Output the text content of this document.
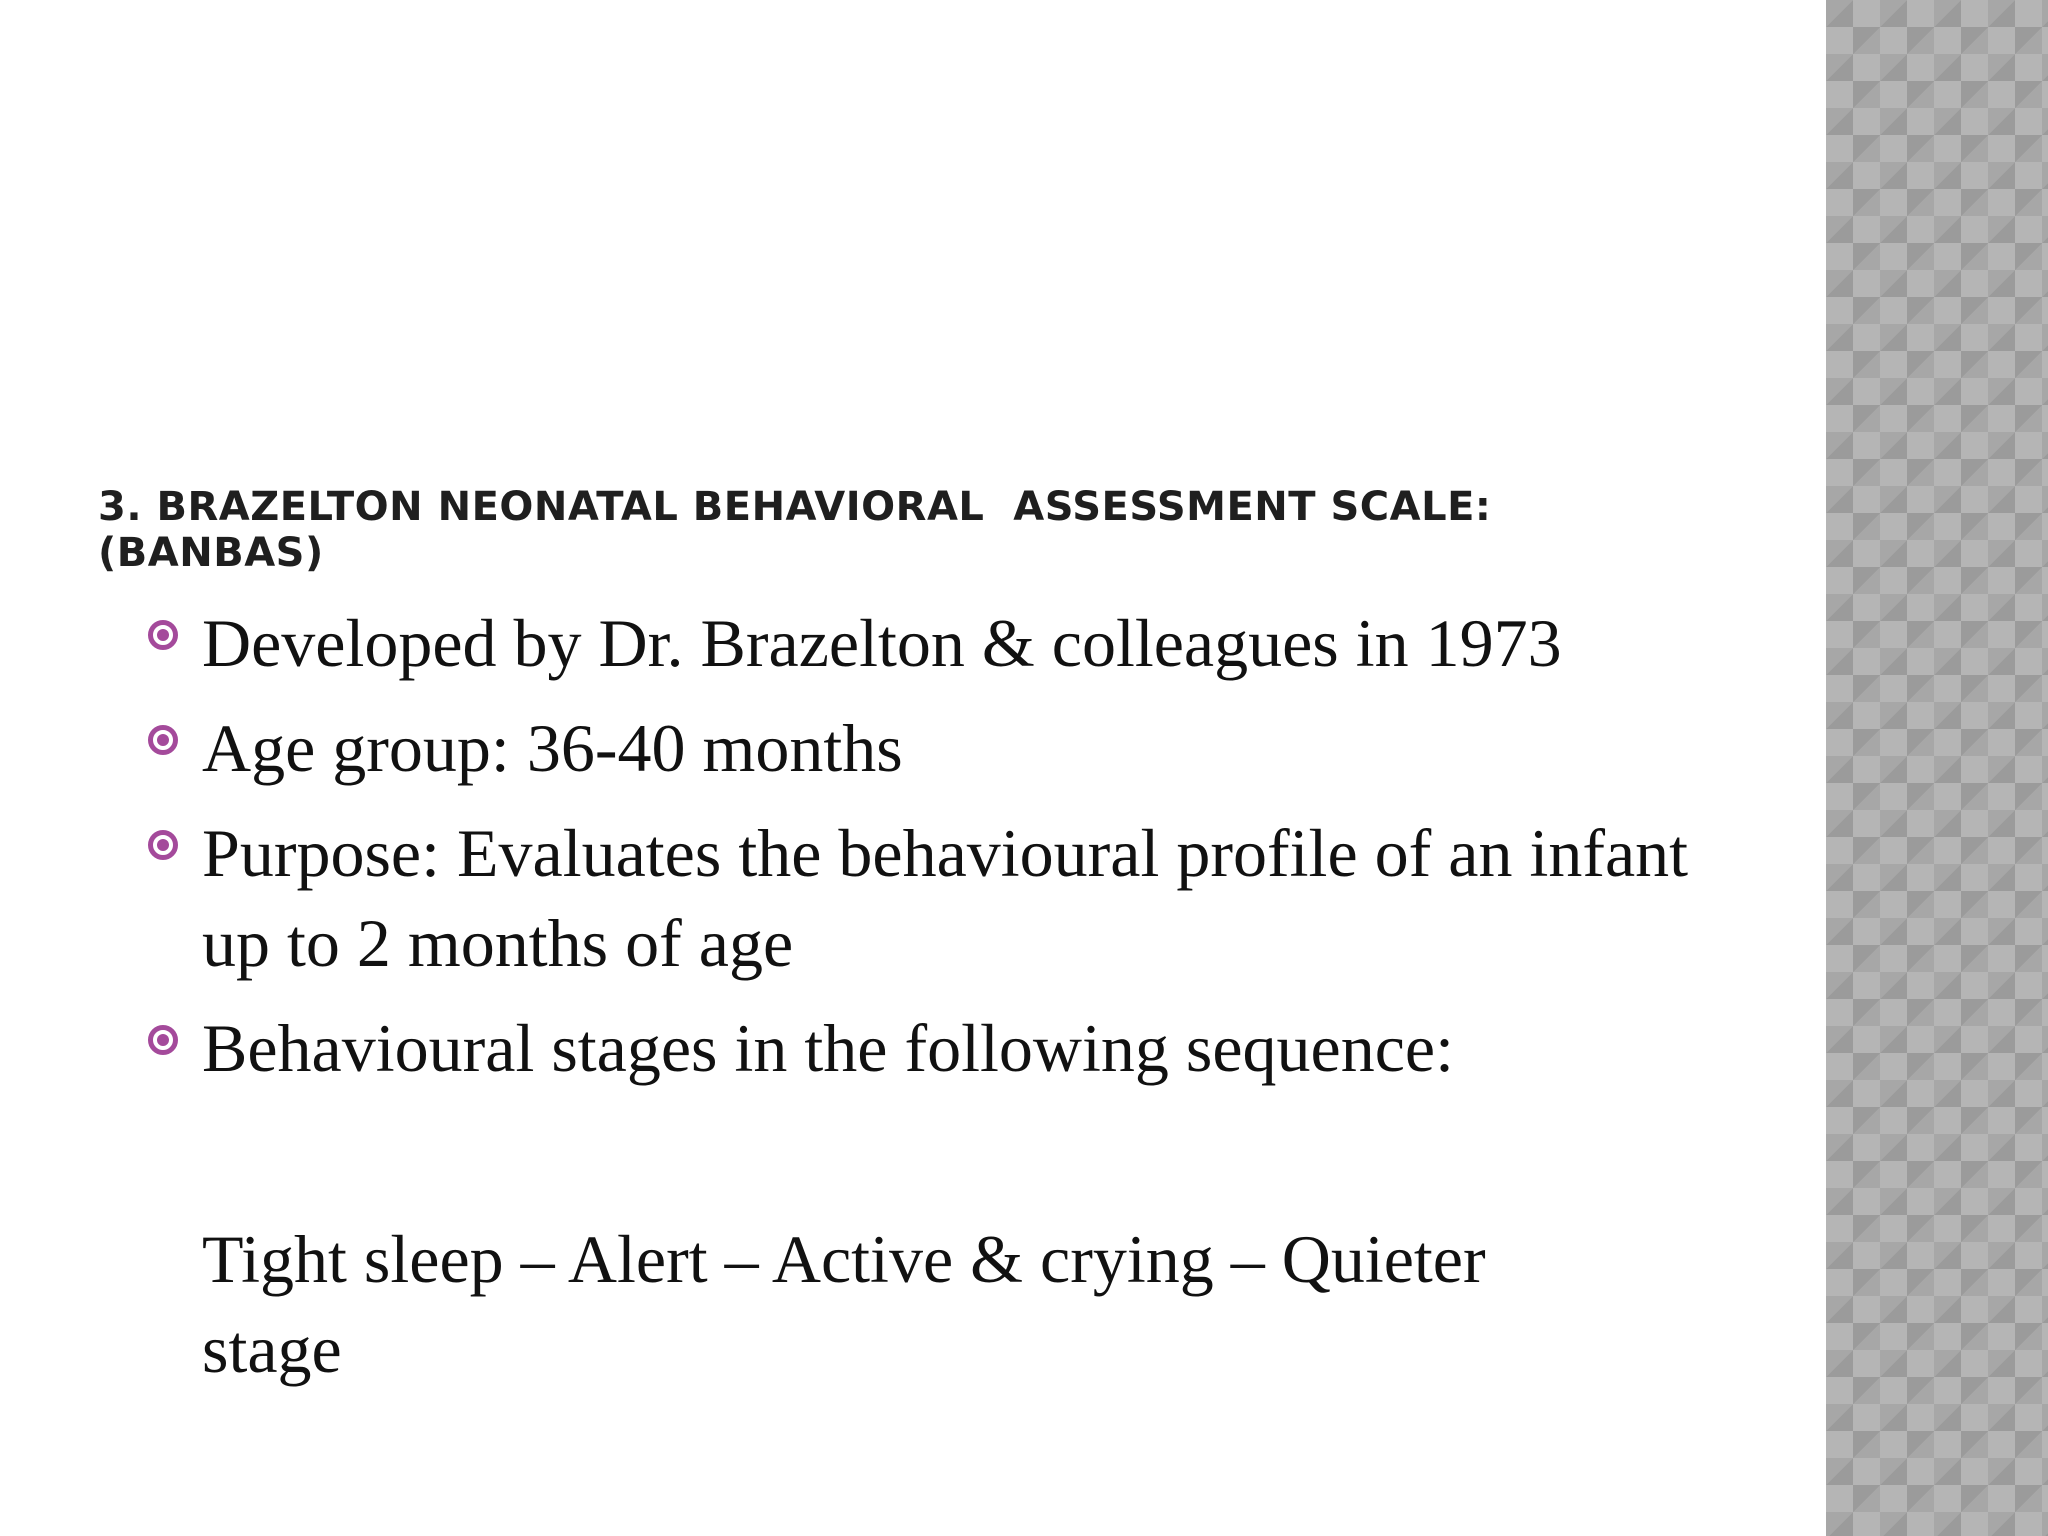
3. BRAZELTON NEONATAL BEHAVIORAL  ASSESSMENT SCALE:
(BANBAS)
Developed by Dr. Brazelton & colleagues in 1973
Age group: 36-40 months
Purpose: Evaluates the behavioural profile of an infant up to 2 months of age
Behavioural stages in the following sequence:

Tight sleep – Alert – Active & crying – Quieter stage
